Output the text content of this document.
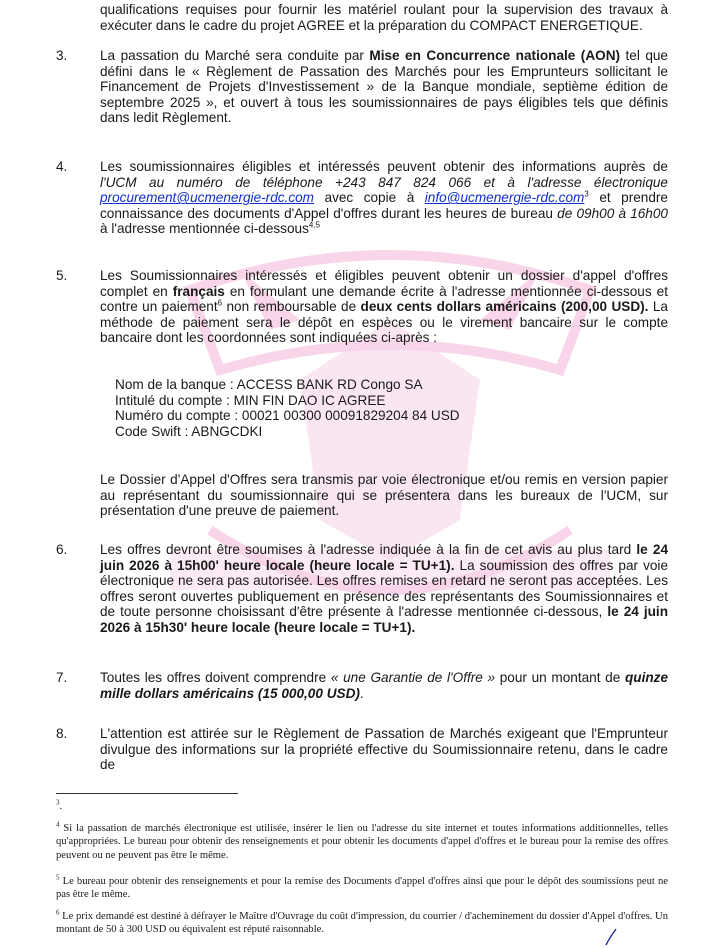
qualifications requises pour fournir les matériel roulant pour la supervision des travaux à exécuter dans le cadre du projet AGREE et la préparation du COMPACT ENERGETIQUE.
3. La passation du Marché sera conduite par Mise en Concurrence nationale (AON) tel que défini dans le « Règlement de Passation des Marchés pour les Emprunteurs sollicitant le Financement de Projets d'Investissement » de la Banque mondiale, septième édition de septembre 2025 », et ouvert à tous les soumissionnaires de pays éligibles tels que définis dans ledit Règlement.
4. Les soumissionnaires éligibles et intéressés peuvent obtenir des informations auprès de l'UCM au numéro de téléphone +243 847 824 066 et à l'adresse électronique procurement@ucmenergie-rdc.com avec copie à info@ucmenergie-rdc.com$^3$ et prendre connaissance des documents d'Appel d'offres durant les heures de bureau de 09h00 à 16h00 à l'adresse mentionnée ci-dessous$^{4,5}$
5. Les Soumissionnaires intéressés et éligibles peuvent obtenir un dossier d'appel d'offres complet en français en formulant une demande écrite à l'adresse mentionnée ci-dessous et contre un paiement$^6$ non remboursable de deux cents dollars américains (200,00 USD). La méthode de paiement sera le dépôt en espèces ou le virement bancaire sur le compte bancaire dont les coordonnées sont indiquées ci-après :
Nom de la banque : ACCESS BANK RD Congo SA
Intitulé du compte : MIN FIN DAO IC AGREE
Numéro du compte : 00021 00300 00091829204 84 USD
Code Swift : ABNGCDKI
Le Dossier d'Appel d'Offres sera transmis par voie électronique et/ou remis en version papier au représentant du soumissionnaire qui se présentera dans les bureaux de l'UCM, sur présentation d'une preuve de paiement.
6. Les offres devront être soumises à l'adresse indiquée à la fin de cet avis au plus tard le 24 juin 2026 à 15h00' heure locale (heure locale = TU+1). La soumission des offres par voie électronique ne sera pas autorisée. Les offres remises en retard ne seront pas acceptées. Les offres seront ouvertes publiquement en présence des représentants des Soumissionnaires et de toute personne choisissant d'être présente à l'adresse mentionnée ci-dessous, le 24 juin 2026 à 15h30' heure locale (heure locale = TU+1).
7. Toutes les offres doivent comprendre « une Garantie de l'Offre » pour un montant de quinze mille dollars américains (15 000,00 USD).
8. L'attention est attirée sur le Règlement de Passation de Marchés exigeant que l'Emprunteur divulgue des informations sur la propriété effective du Soumissionnaire retenu, dans le cadre de
$^3$.
$^4$ Si la passation de marchés électronique est utilisée, insérer le lien ou l'adresse du site internet et toutes informations additionnelles, telles qu'appropriées. Le bureau pour obtenir des renseignements et pour obtenir les documents d'appel d'offres et le bureau pour la remise des offres peuvent ou ne peuvent pas être le même.
$^5$ Le bureau pour obtenir des renseignements et pour la remise des Documents d'appel d'offres ainsi que pour le dépôt des soumissions peut ne pas être le même.
$^6$ Le prix demandé est destiné à défrayer le Maître d'Ouvrage du coût d'impression, du courrier / d'acheminement du dossier d'Appel d'offres. Un montant de 50 à 300 USD ou équivalent est réputé raisonnable.
